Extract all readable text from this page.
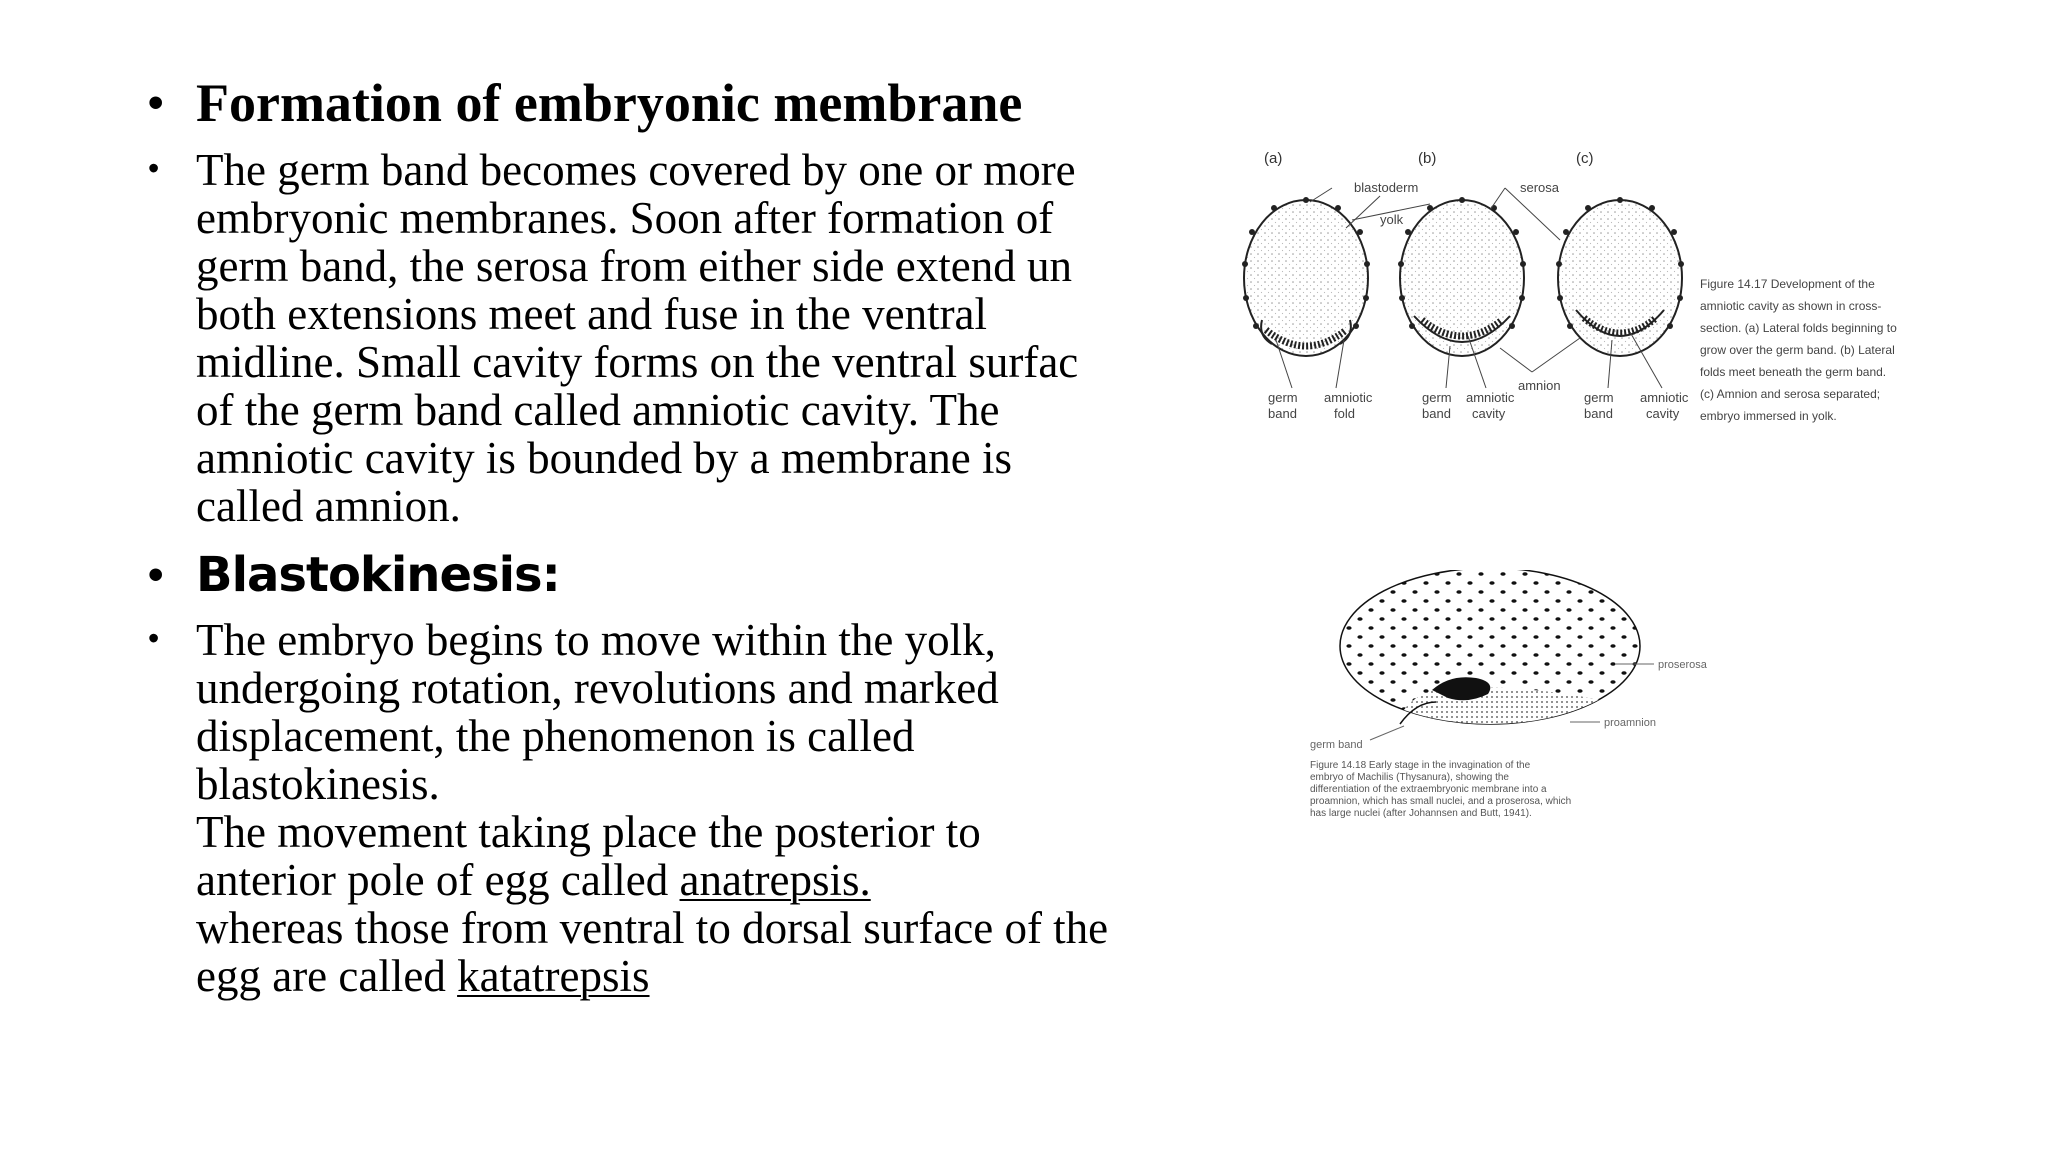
• Formation of embryonic membrane
• The germ band becomes covered by one or more
embryonic membranes. Soon after formation of
germ band, the serosa from either side extend un
both extensions meet and fuse in the ventral
midline. Small cavity forms on the ventral surfac
of the germ band called amniotic cavity. The
amniotic cavity is bounded by a membrane is
called amnion.
• Blastokinesis:
• The embryo begins to move within the yolk,
undergoing rotation, revolutions and marked
displacement, the phenomenon is called
blastokinesis.
The movement taking place the posterior to
anterior pole of egg called anatrepsis.
whereas those from ventral to dorsal surface of the
egg are called katatrepsis
(a)	(b)	(c)
blastoderm
yolk
serosa
amnion
germ
band
amniotic
fold
germ
band
amniotic
cavity
germ
band
amniotic
cavity
Figure 14.17 Development of the
amniotic cavity as shown in cross-
section. (a) Lateral folds beginning to
grow over the germ band. (b) Lateral
folds meet beneath the germ band.
(c) Amnion and serosa separated;
embryo immersed in yolk.
proserosa
proamnion
germ band
Figure 14.18 Early stage in the invagination of the
embryo of Machilis (Thysanura), showing the
differentiation of the extraembryonic membrane into a
proamnion, which has small nuclei, and a proserosa, which
has large nuclei (after Johannsen and Butt, 1941).
